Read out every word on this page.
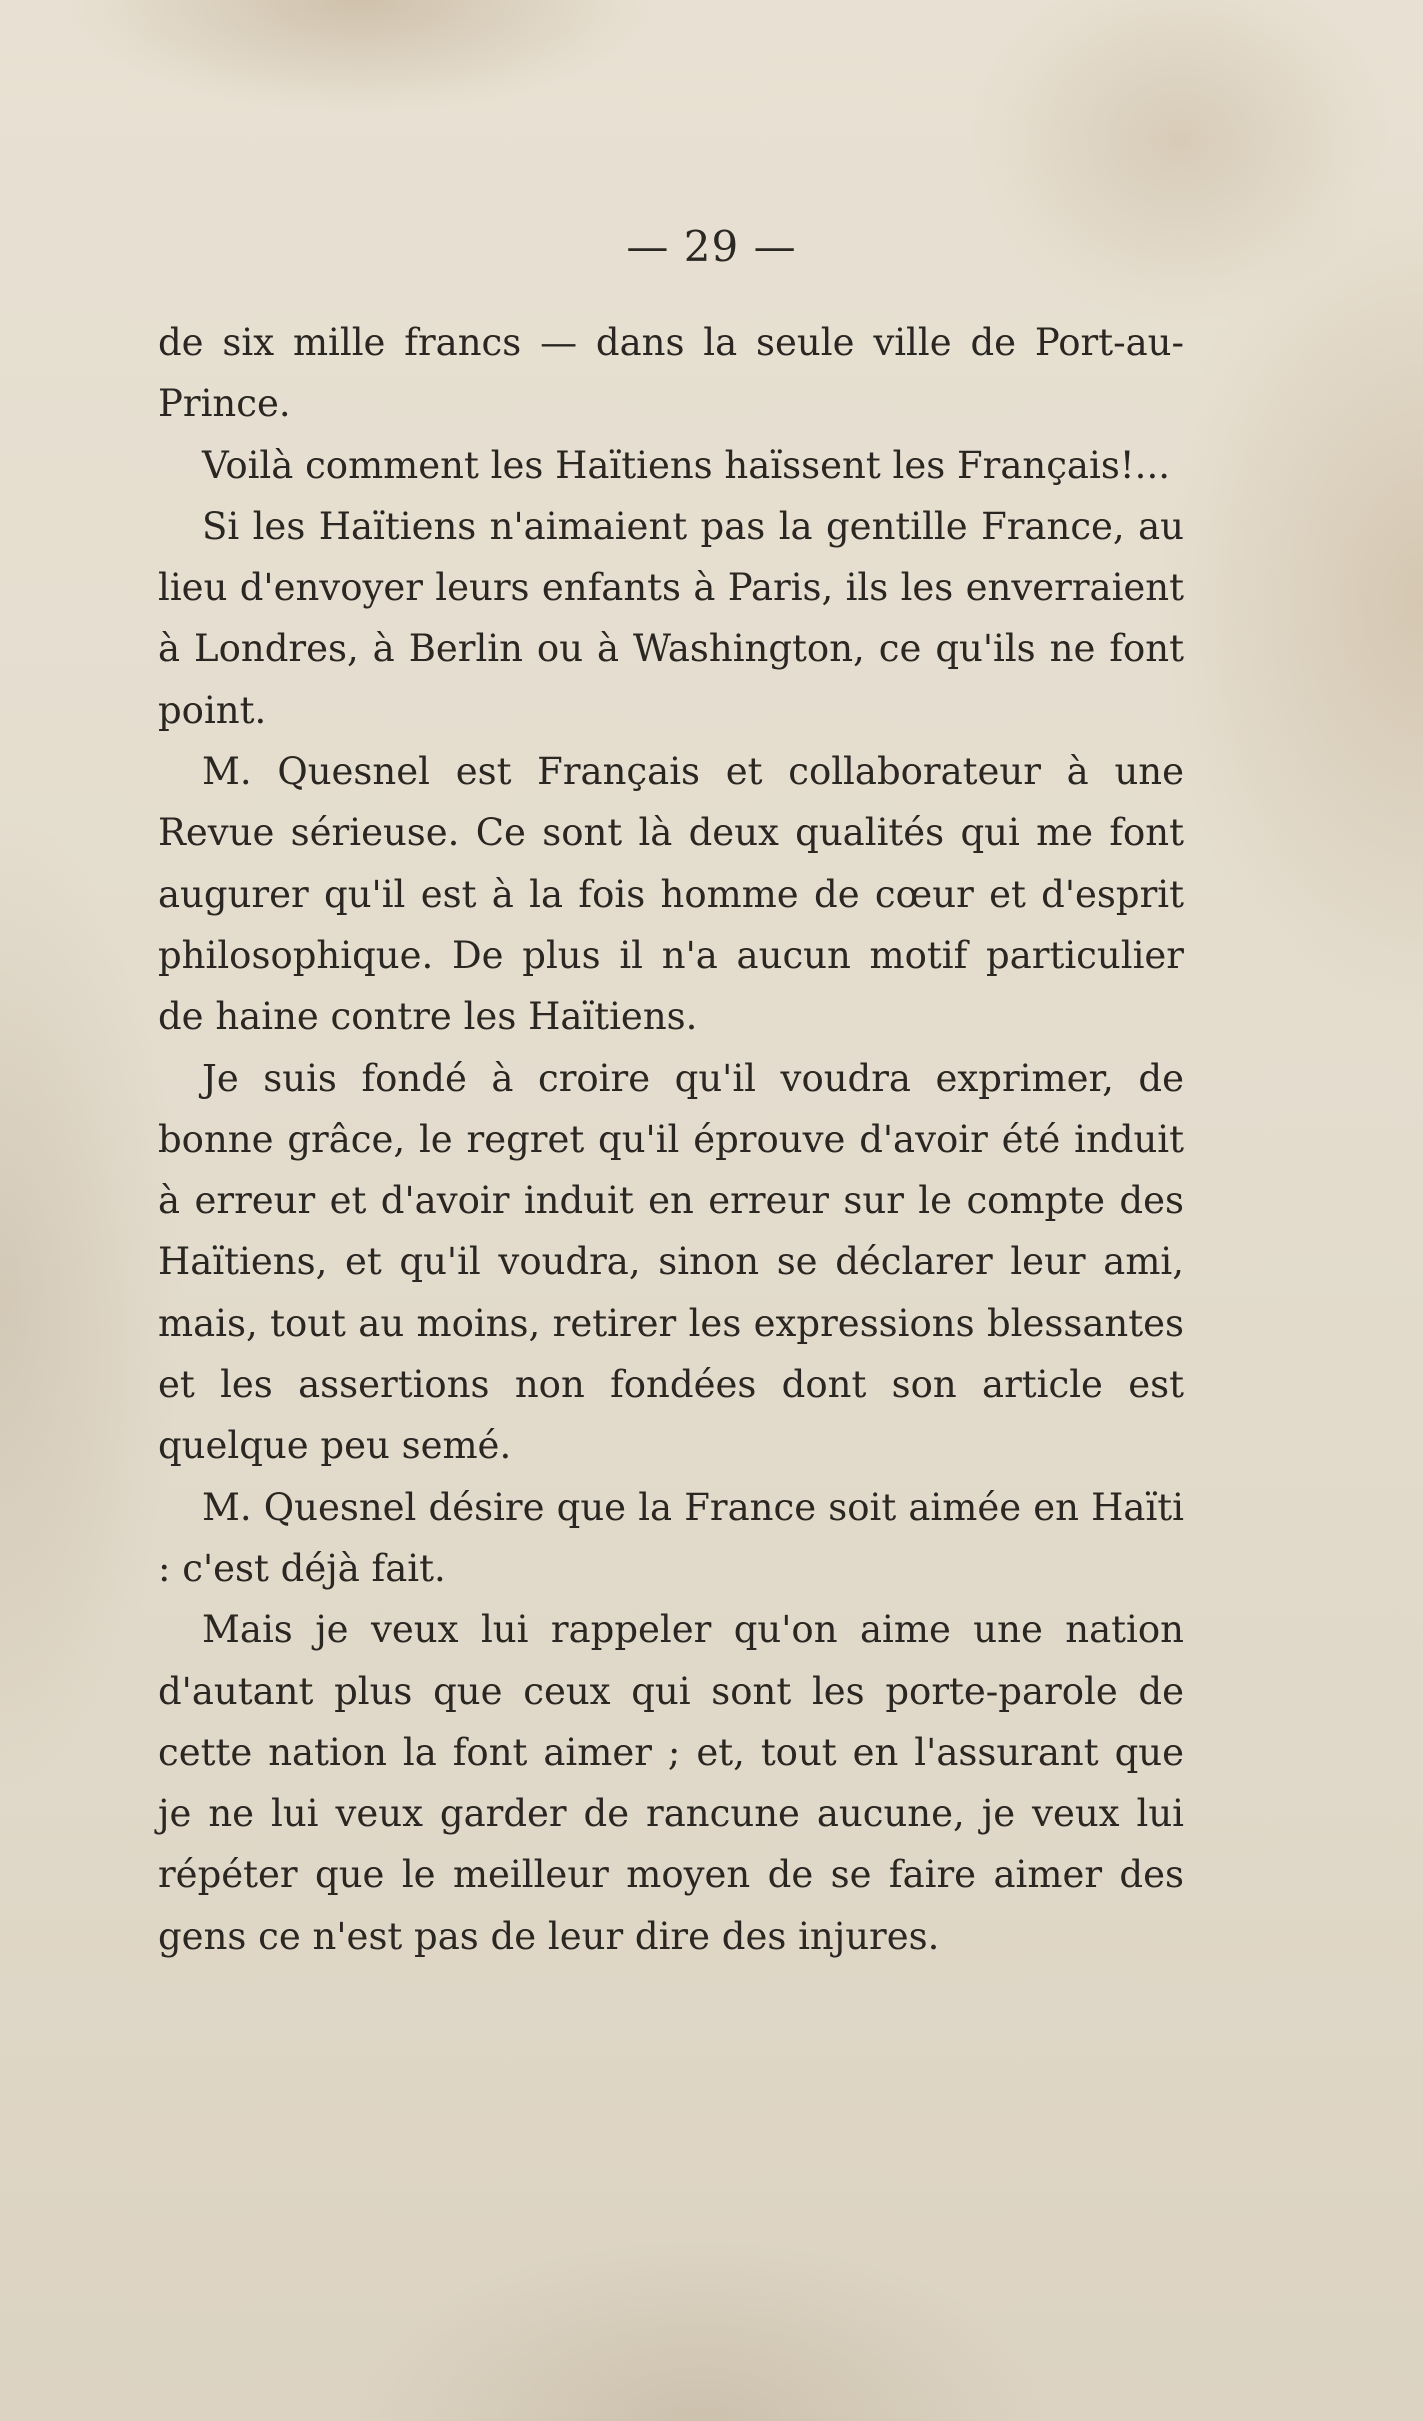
— 29 —

de six mille francs — dans la seule ville de Port-au-Prince.

Voilà comment les Haïtiens haïssent les Français!...

Si les Haïtiens n'aimaient pas la gentille France, au lieu d'envoyer leurs enfants à Paris, ils les enverraient à Londres, à Berlin ou à Washington, ce qu'ils ne font point.

M. Quesnel est Français et collaborateur à une Revue sérieuse. Ce sont là deux qualités qui me font augurer qu'il est à la fois homme de cœur et d'esprit philosophique. De plus il n'a aucun motif particulier de haine contre les Haïtiens.

Je suis fondé à croire qu'il voudra exprimer, de bonne grâce, le regret qu'il éprouve d'avoir été induit à erreur et d'avoir induit en erreur sur le compte des Haïtiens, et qu'il voudra, sinon se déclarer leur ami, mais, tout au moins, retirer les expressions blessantes et les assertions non fondées dont son article est quelque peu semé.

M. Quesnel désire que la France soit aimée en Haïti : c'est déjà fait.

Mais je veux lui rappeler qu'on aime une nation d'autant plus que ceux qui sont les porte-parole de cette nation la font aimer ; et, tout en l'assurant que je ne lui veux garder de rancune aucune, je veux lui répéter que le meilleur moyen de se faire aimer des gens ce n'est pas de leur dire des injures.
